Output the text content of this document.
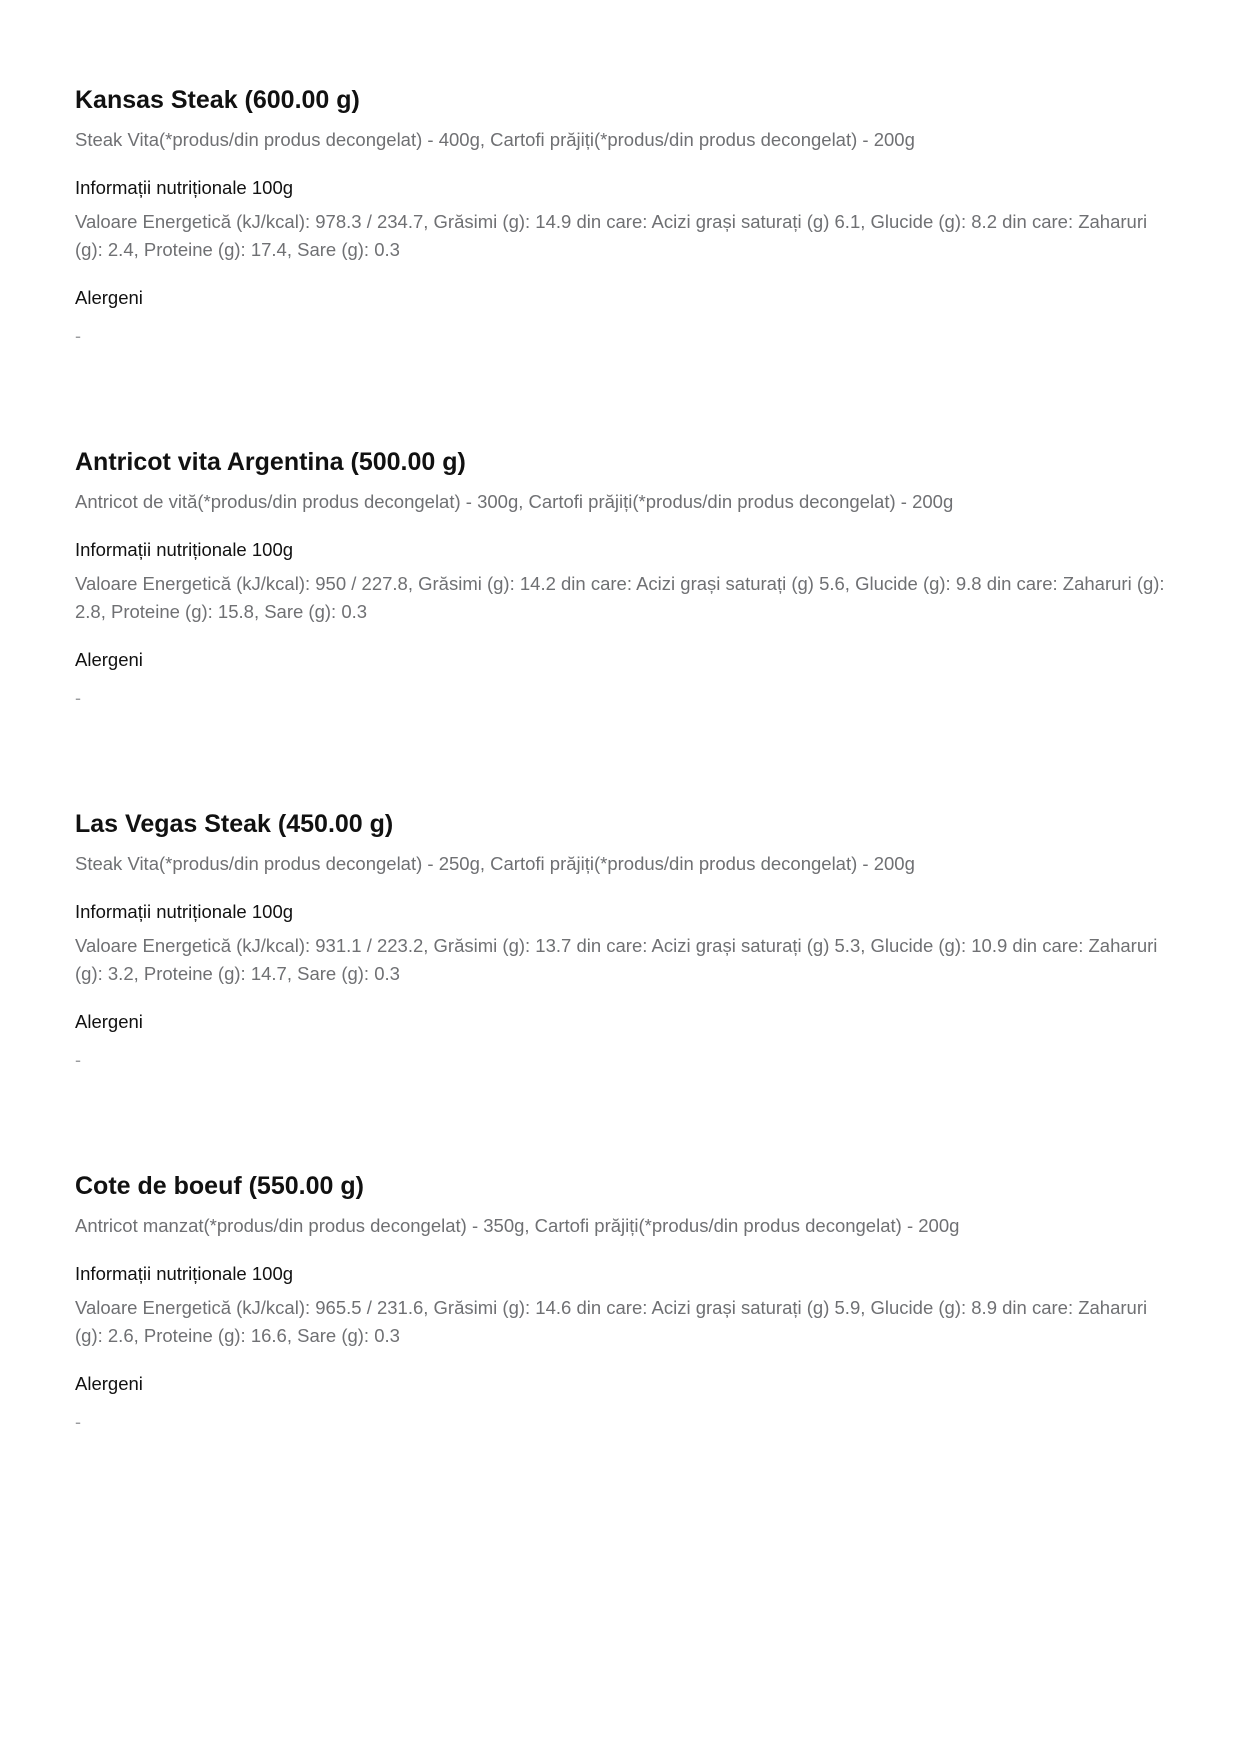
Kansas Steak (600.00 g)
Steak Vita(*produs/din produs decongelat) - 400g, Cartofi prăjiți(*produs/din produs decongelat) - 200g
Informații nutriționale 100g
Valoare Energetică (kJ/kcal): 978.3 / 234.7, Grăsimi (g): 14.9 din care: Acizi grași saturați (g) 6.1, Glucide (g): 8.2 din care: Zaharuri (g): 2.4, Proteine (g): 17.4, Sare (g): 0.3
Alergeni
-
Antricot vita Argentina (500.00 g)
Antricot de vită(*produs/din produs decongelat) - 300g, Cartofi prăjiți(*produs/din produs decongelat) - 200g
Informații nutriționale 100g
Valoare Energetică (kJ/kcal): 950 / 227.8, Grăsimi (g): 14.2 din care: Acizi grași saturați (g) 5.6, Glucide (g): 9.8 din care: Zaharuri (g): 2.8, Proteine (g): 15.8, Sare (g): 0.3
Alergeni
-
Las Vegas Steak (450.00 g)
Steak Vita(*produs/din produs decongelat) - 250g, Cartofi prăjiți(*produs/din produs decongelat) - 200g
Informații nutriționale 100g
Valoare Energetică (kJ/kcal): 931.1 / 223.2, Grăsimi (g): 13.7 din care: Acizi grași saturați (g) 5.3, Glucide (g): 10.9 din care: Zaharuri (g): 3.2, Proteine (g): 14.7, Sare (g): 0.3
Alergeni
-
Cote de boeuf (550.00 g)
Antricot manzat(*produs/din produs decongelat) - 350g, Cartofi prăjiți(*produs/din produs decongelat) - 200g
Informații nutriționale 100g
Valoare Energetică (kJ/kcal): 965.5 / 231.6, Grăsimi (g): 14.6 din care: Acizi grași saturați (g) 5.9, Glucide (g): 8.9 din care: Zaharuri (g): 2.6, Proteine (g): 16.6, Sare (g): 0.3
Alergeni
-
